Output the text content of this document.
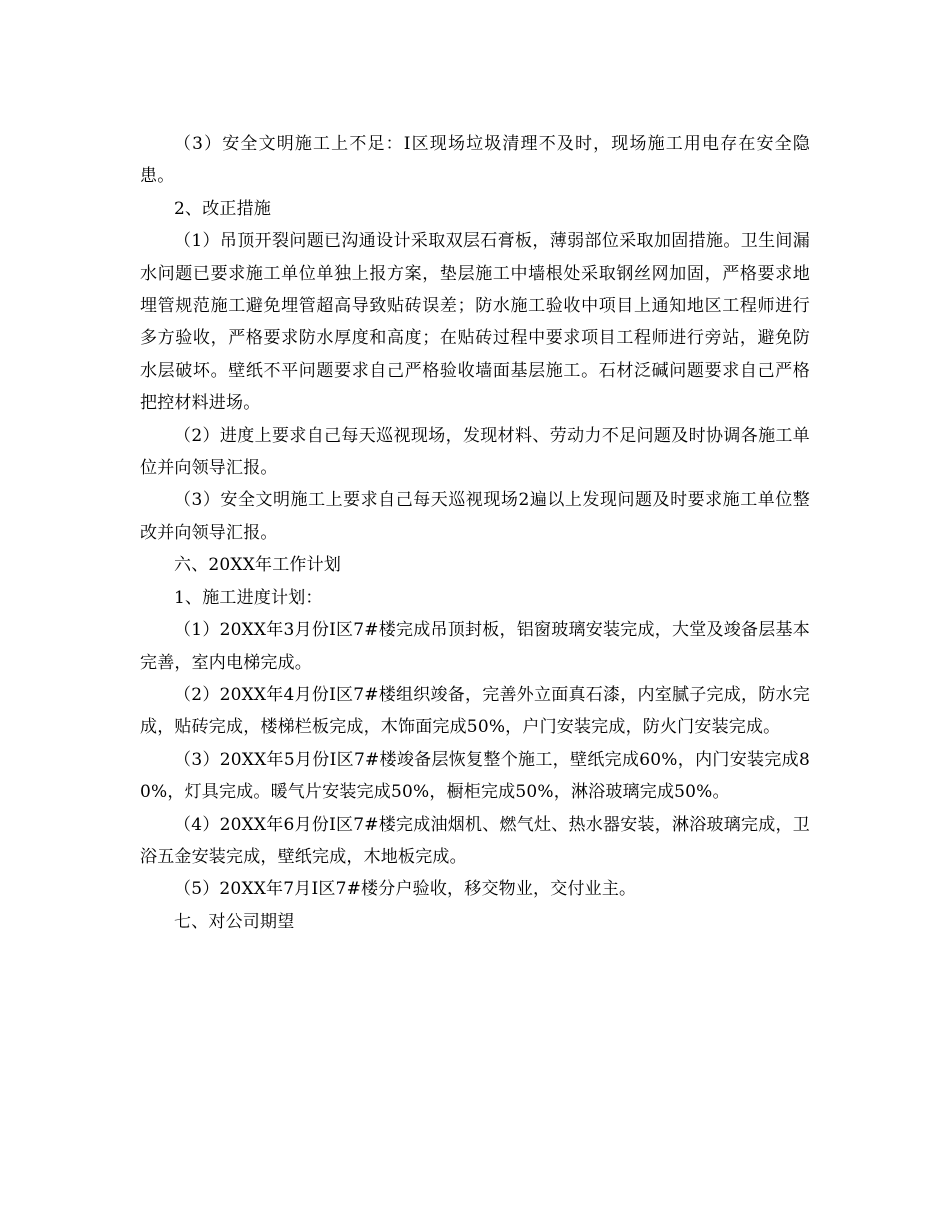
（3）安全文明施工上不足：Ⅰ区现场垃圾清理不及时，现场施工用电存在安全隐患。

2、改正措施

（1）吊顶开裂问题已沟通设计采取双层石膏板，薄弱部位采取加固措施。卫生间漏水问题已要求施工单位单独上报方案，垫层施工中墙根处采取钢丝网加固，严格要求地埋管规范施工避免埋管超高导致贴砖误差；防水施工验收中项目上通知地区工程师进行多方验收，严格要求防水厚度和高度；在贴砖过程中要求项目工程师进行旁站，避免防水层破坏。壁纸不平问题要求自己严格验收墙面基层施工。石材泛碱问题要求自己严格把控材料进场。

（2）进度上要求自己每天巡视现场，发现材料、劳动力不足问题及时协调各施工单位并向领导汇报。

（3）安全文明施工上要求自己每天巡视现场2遍以上发现问题及时要求施工单位整改并向领导汇报。

六、20XX年工作计划

1、施工进度计划：

（1）20XX年3月份Ⅰ区7#楼完成吊顶封板，铝窗玻璃安装完成，大堂及竣备层基本完善，室内电梯完成。

（2）20XX年4月份Ⅰ区7#楼组织竣备，完善外立面真石漆，内室腻子完成，防水完成，贴砖完成，楼梯栏板完成，木饰面完成50%，户门安装完成，防火门安装完成。

（3）20XX年5月份Ⅰ区7#楼竣备层恢复整个施工，壁纸完成60%，内门安装完成80%，灯具完成。暖气片安装完成50%，橱柜完成50%，淋浴玻璃完成50%。

（4）20XX年6月份Ⅰ区7#楼完成油烟机、燃气灶、热水器安装，淋浴玻璃完成，卫浴五金安装完成，壁纸完成，木地板完成。

（5）20XX年7月Ⅰ区7#楼分户验收，移交物业，交付业主。

七、对公司期望
